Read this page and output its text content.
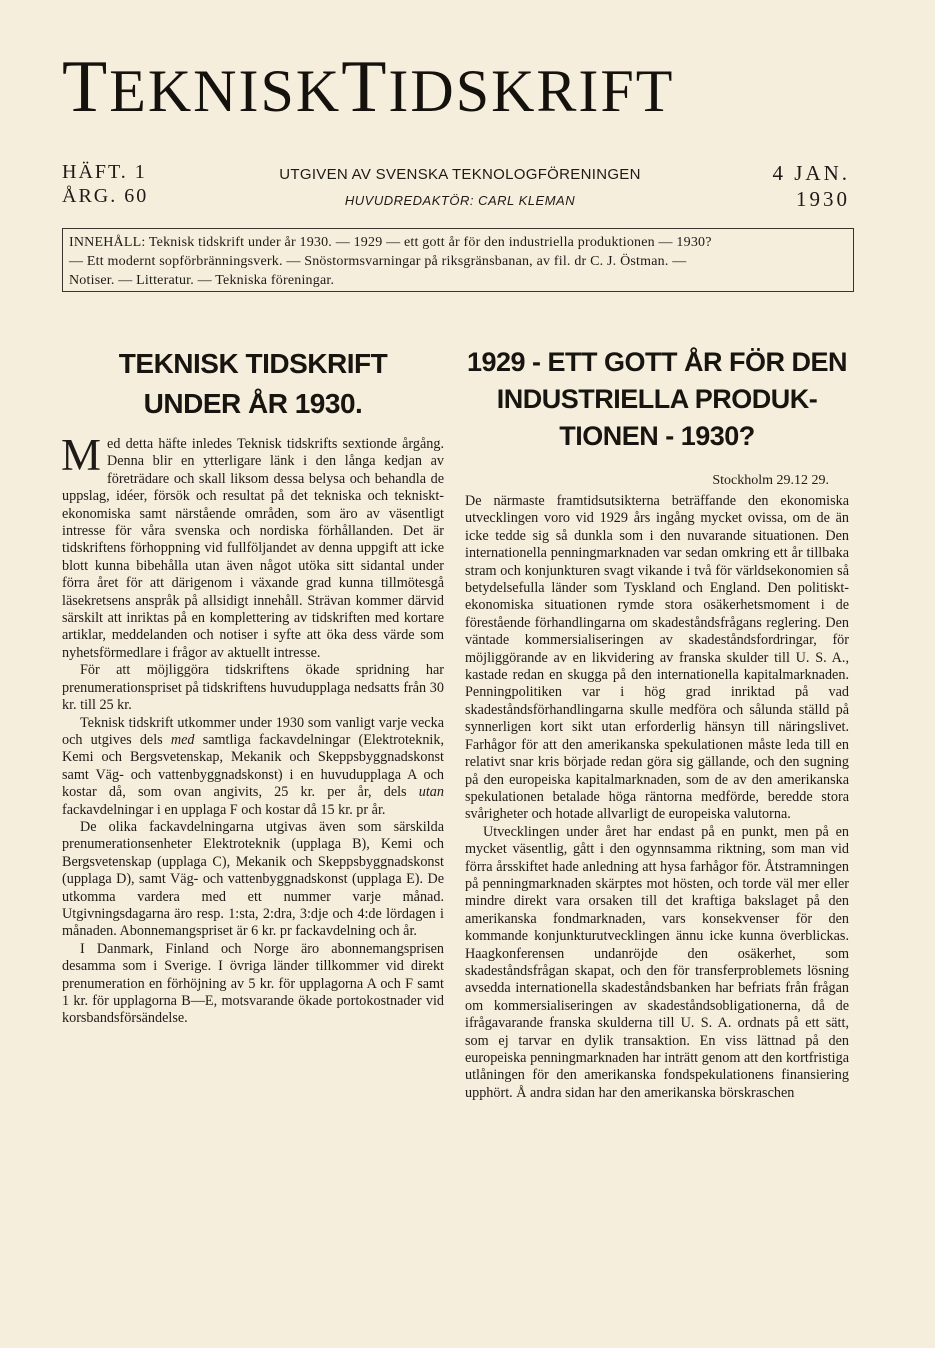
TEKNISKTIDSKRIFT
HÄFT. 1
ÅRG. 60
UTGIVEN AV SVENSKA TEKNOLOGFÖRENINGEN
HUVUDREDAKTÖR: CARL KLEMAN
4 JAN.
1930
INNEHÅLL: Teknisk tidskrift under år 1930. — 1929 — ett gott år för den industriella produktionen — 1930?
— Ett modernt sopförbränningsverk. — Snöstormsvarningar på riksgränsbanan, av fil. dr C. J. Östman. —
Notiser. — Litteratur. — Tekniska föreningar.
TEKNISK TIDSKRIFT
UNDER ÅR 1930.

Med detta häfte inledes Teknisk tidskrifts sextionde årgång. Denna blir en ytterligare länk i den långa kedjan av företrädare och skall liksom dessa belysa och behandla de uppslag, idéer, försök och resultat på det tekniska och tekniskt-ekonomiska samt närstående områden, som äro av väsentligt intresse för våra svenska och nordiska förhållanden. Det är tidskriftens förhoppning vid fullföljandet av denna uppgift att icke blott kunna bibehålla utan även något utöka sitt sidantal under förra året för att därigenom i växande grad kunna tillmötesgå läsekretsens anspråk på allsidigt innehåll. Strävan kommer därvid särskilt att inriktas på en komplettering av tidskriften med kortare artiklar, meddelanden och notiser i syfte att öka dess värde som nyhetsförmedlare i frågor av aktuellt intresse.

För att möjliggöra tidskriftens ökade spridning har prenumerationspriset på tidskriftens huvudupplaga nedsatts från 30 kr. till 25 kr.

Teknisk tidskrift utkommer under 1930 som vanligt varje vecka och utgives dels med samtliga fackavdelningar (Elektroteknik, Kemi och Bergsvetenskap, Mekanik och Skeppsbyggnadskonst samt Väg- och vattenbyggnadskonst) i en huvudupplaga A och kostar då, som ovan angivits, 25 kr. per år, dels utan fackavdelningar i en upplaga F och kostar då 15 kr. pr år.

De olika fackavdelningarna utgivas även som särskilda prenumerationsenheter Elektroteknik (upplaga B), Kemi och Bergsvetenskap (upplaga C), Mekanik och Skeppsbyggnadskonst (upplaga D), samt Väg- och vattenbyggnadskonst (upplaga E). De utkomma vardera med ett nummer varje månad. Utgivningsdagarna äro resp. 1:sta, 2:dra, 3:dje och 4:de lördagen i månaden. Abonnemangspriset är 6 kr. pr fackavdelning och år.

I Danmark, Finland och Norge äro abonnemangsprisen desamma som i Sverige. I övriga länder tillkommer vid direkt prenumeration en förhöjning av 5 kr. för upplagorna A och F samt 1 kr. för upplagorna B—E, motsvarande ökade portokostnader vid korsbandsförsändelse.

1929 - ETT GOTT ÅR FÖR DEN
INDUSTRIELLA PRODUK-
TIONEN - 1930?

Stockholm 29.12 29.

De närmaste framtidsutsikterna beträffande den ekonomiska utvecklingen voro vid 1929 års ingång mycket ovissa, om de än icke tedde sig så dunkla som i den nuvarande situationen. Den internationella penningmarknaden var sedan omkring ett år tillbaka stram och konjunkturen svagt vikande i två för världsekonomien så betydelsefulla länder som Tyskland och England. Den politiskt-ekonomiska situationen rymde stora osäkerhetsmoment i de förestående förhandlingarna om skadeståndsfrågans reglering. Den väntade kommersialiseringen av skadeståndsfordringar, för möjliggörande av en likvidering av franska skulder till U. S. A., kastade redan en skugga på den internationella kapitalmarknaden. Penningpolitiken var i hög grad inriktad på vad skadeståndsförhandlingarna skulle medföra och sålunda ställd på synnerligen kort sikt utan erforderlig hänsyn till näringslivet. Farhågor för att den amerikanska spekulationen måste leda till en relativt snar kris började redan göra sig gällande, och den sugning på den europeiska kapitalmarknaden, som de av den amerikanska spekulationen betalade höga räntorna medförde, beredde stora svårigheter och hotade allvarligt de europeiska valutorna.

Utvecklingen under året har endast på en punkt, men på en mycket väsentlig, gått i den ogynnsamma riktning, som man vid förra årsskiftet hade anledning att hysa farhågor för. Åtstramningen på penningmarknaden skärptes mot hösten, och torde väl mer eller mindre direkt vara orsaken till det kraftiga bakslaget på den amerikanska fondmarknaden, vars konsekvenser för den kommande konjunkturutvecklingen ännu icke kunna överblickas. Haagkonferensen undanröjde den osäkerhet, som skadeståndsfrågan skapat, och den för transferproblemets lösning avsedda internationella skadeståndsbanken har befriats från frågan om kommersialiseringen av skadeståndsobligationerna, då de ifrågavarande franska skulderna till U. S. A. ordnats på ett sätt, som ej tarvar en dylik transaktion. En viss lättnad på den europeiska penningmarknaden har inträtt genom att den kortfristiga utlåningen för den amerikanska fondspekulationens finansiering upphört. Å andra sidan har den amerikanska börskraschen
